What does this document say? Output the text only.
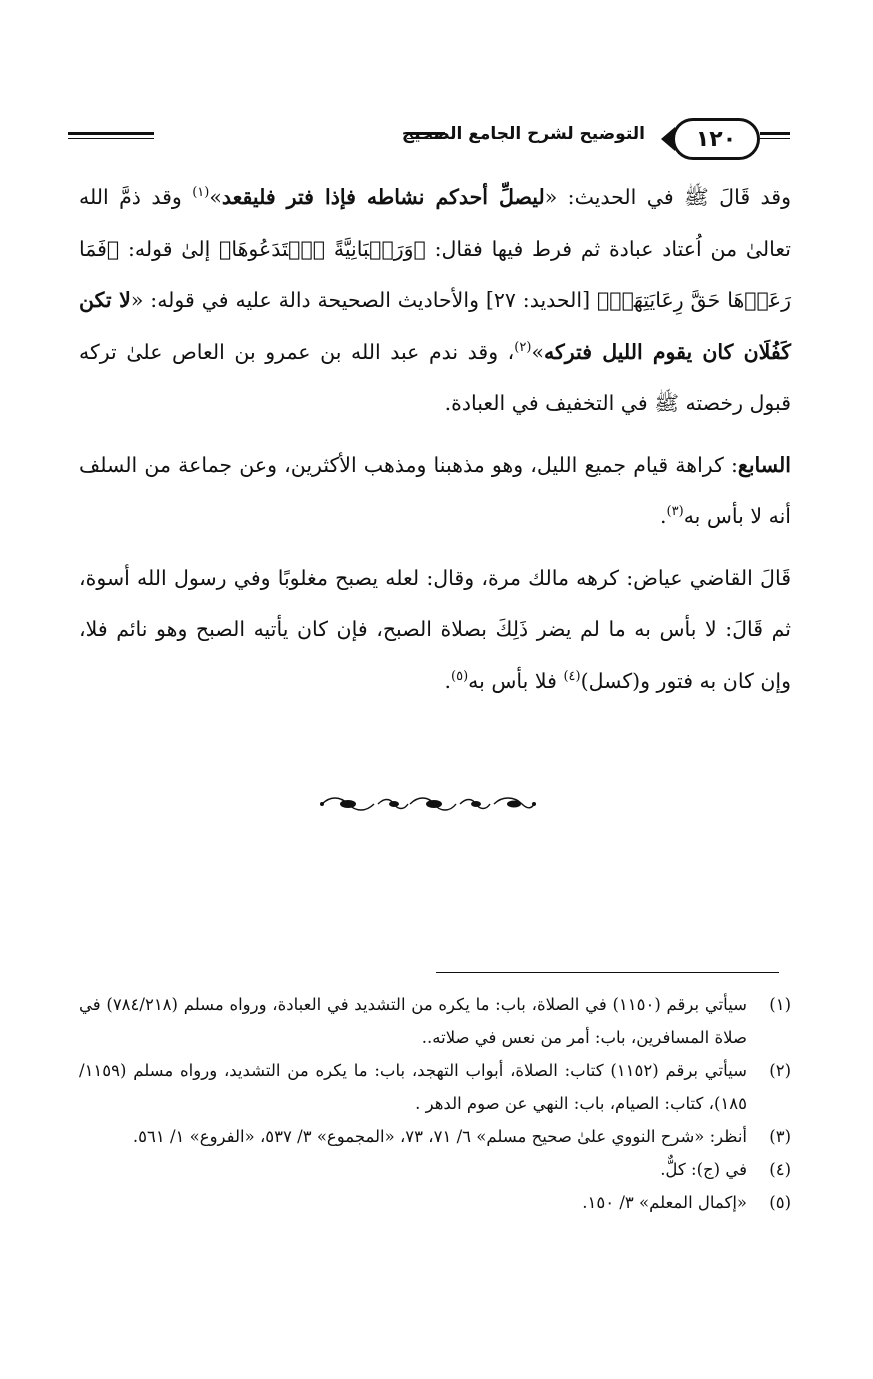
١٢٠
التوضيح لشرح الجامع الصحيح

وقد قَالَ ﷺ في الحديث: «ليصلِّ أحدكم نشاطه فإذا فتر فليقعد»$^{(١)}$ وقد ذمَّ الله تعالىٰ من اُعتاد عبادة ثم فرط فيها فقال: ﴿وَرَهۡبَانِيَّةً ٱبۡتَدَعُوهَا﴾ إلىٰ قوله: ﴿فَمَا رَعَوۡهَا حَقَّ رِعَايَتِهَاۖ﴾ [الحديد: ٢٧] والأحاديث الصحيحة دالة عليه في قوله: «لا تكن كَفُلَان كان يقوم الليل فتركه»$^{(٢)}$، وقد ندم عبد الله بن عمرو بن العاص علىٰ تركه قبول رخصته ﷺ في التخفيف في العبادة.

السابع: كراهة قيام جميع الليل، وهو مذهبنا ومذهب الأكثرين، وعن جماعة من السلف أنه لا بأس به$^{(٣)}$.

قَالَ القاضي عياض: كرهه مالك مرة، وقال: لعله يصبح مغلوبًا وفي رسول الله أسوة، ثم قَالَ: لا بأس به ما لم يضر ذَلِكَ بصلاة الصبح، فإن كان يأتيه الصبح وهو نائم فلا، وإن كان به فتور و(كسل)$^{(٤)}$ فلا بأس به$^{(٥)}$.

(١)
سيأتي برقم (١١٥٠) في الصلاة، باب: ما يكره من التشديد في العبادة، ورواه مسلم (٧٨٤/٢١٨) في صلاة المسافرين، باب: أمر من نعس في صلاته..
(٢)
سيأتي برقم (١١٥٢) كتاب: الصلاة، أبواب التهجد، باب: ما يكره من التشديد، ورواه مسلم (١١٥٩/ ١٨٥)، كتاب: الصيام، باب: النهي عن صوم الدهر .
(٣)
أنظر: «شرح النووي علىٰ صحيح مسلم» ٦/ ٧١، ٧٣، «المجموع» ٣/ ٥٣٧، «الفروع» ١/ ٥٦١.
(٤)
في (ج): كلٌّ.
(٥)
«إكمال المعلم» ٣/ ١٥٠.
